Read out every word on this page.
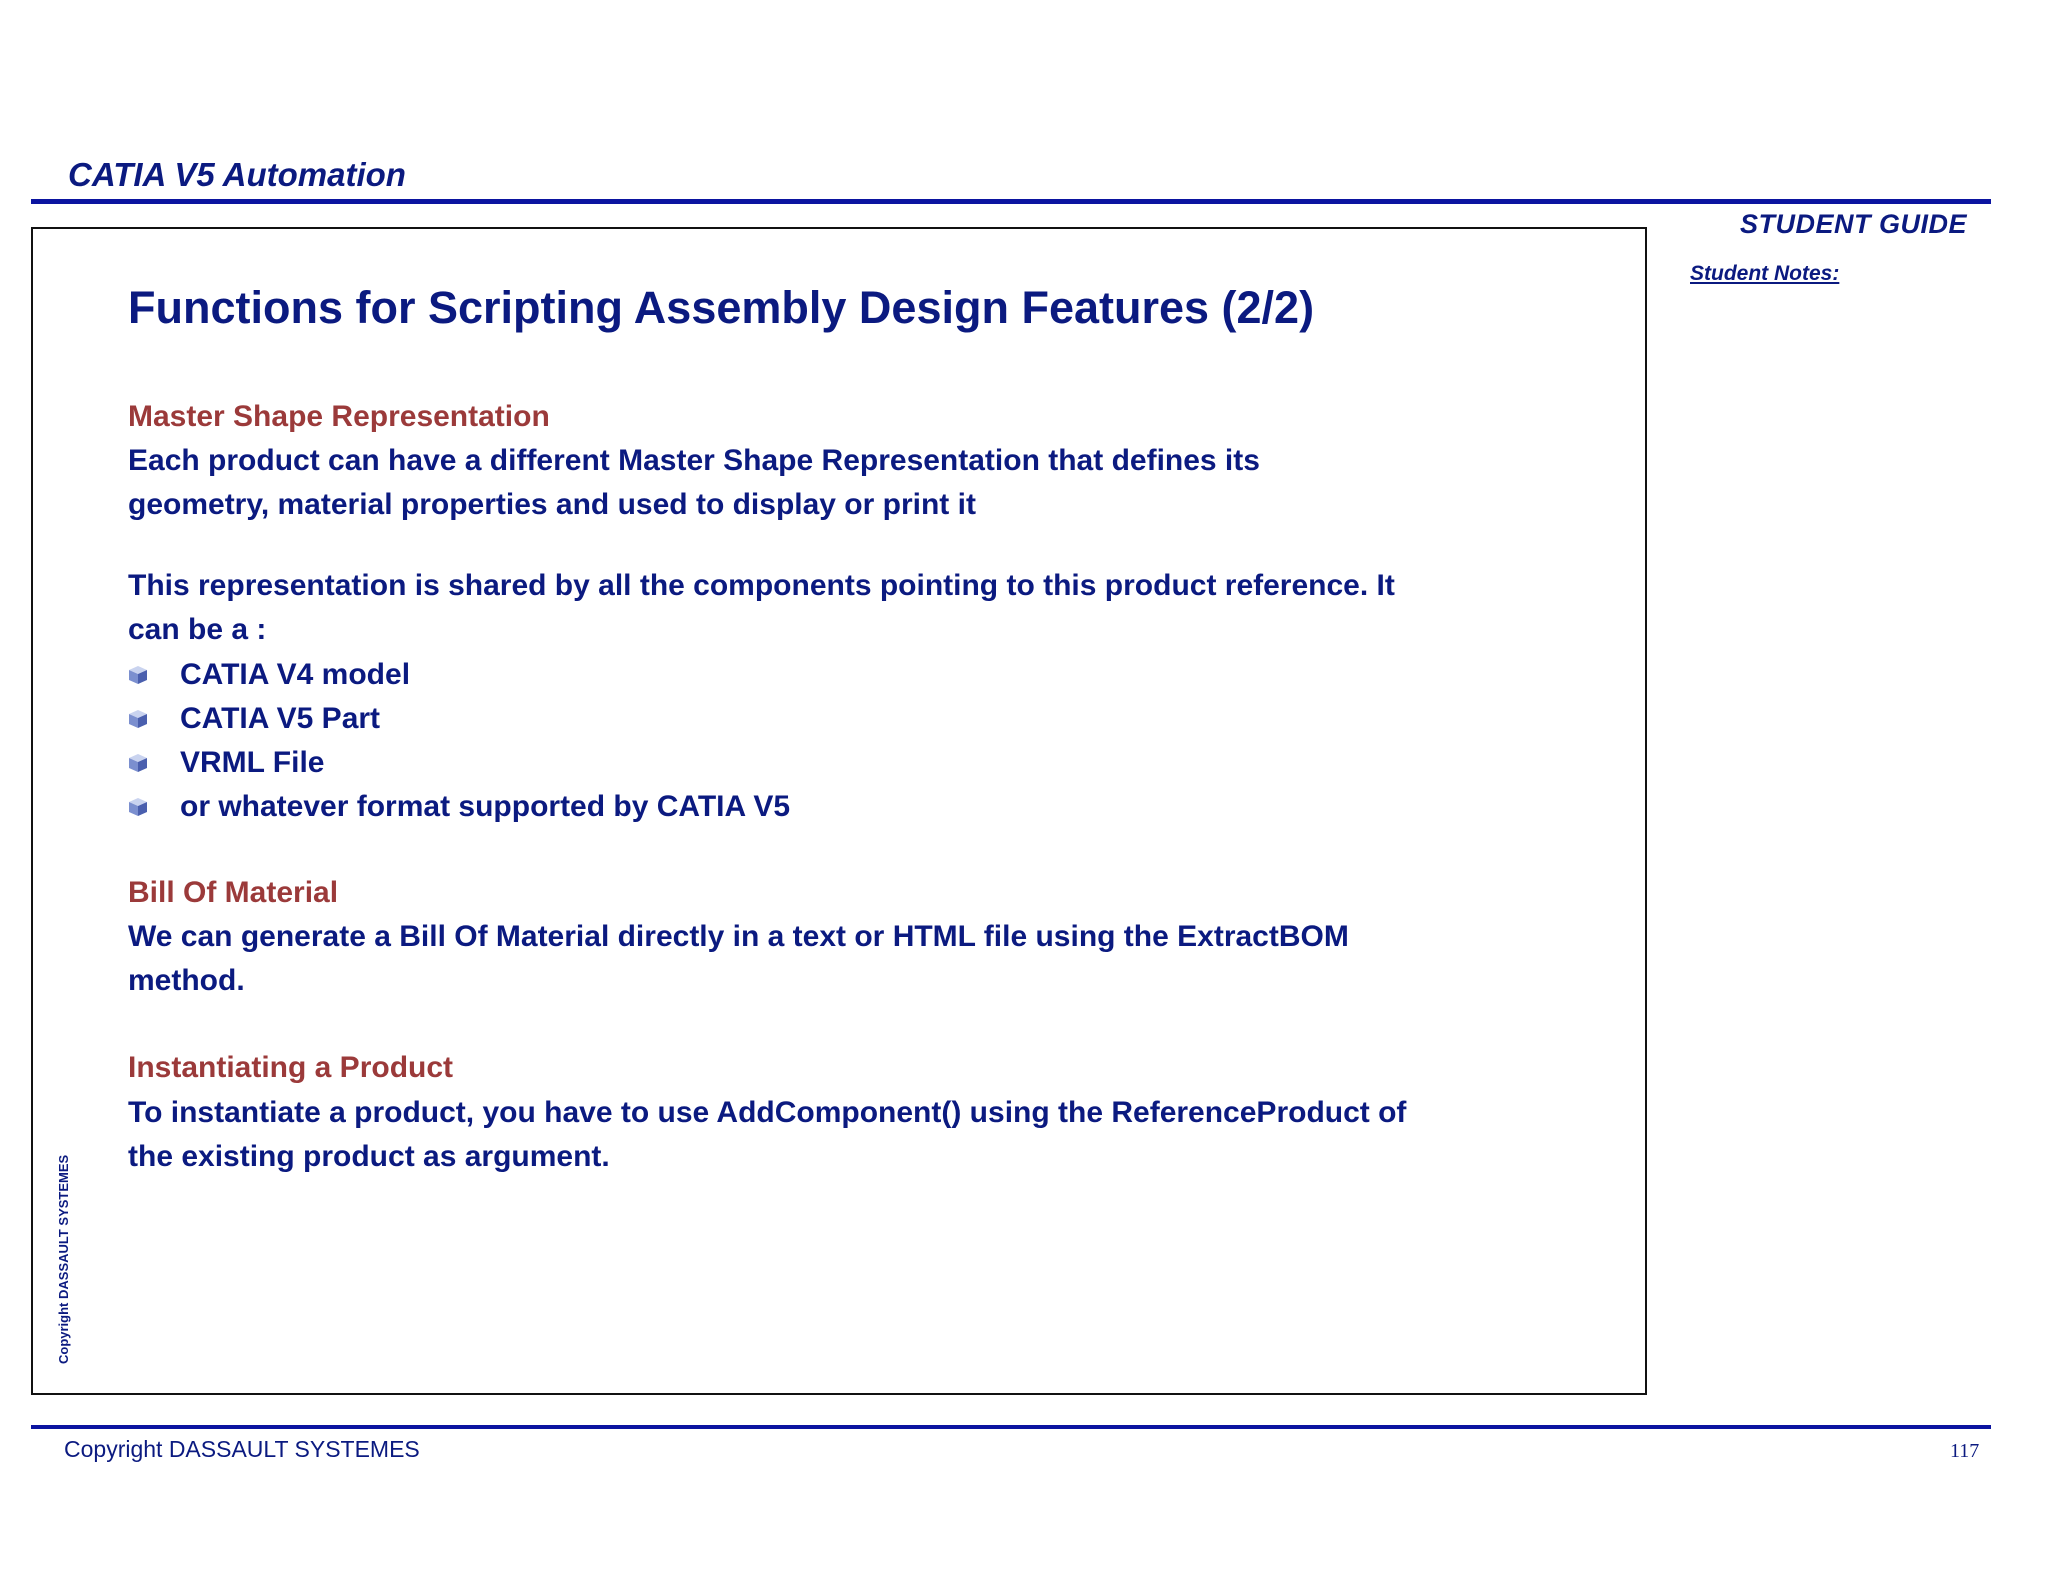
CATIA V5 Automation
STUDENT GUIDE
Student Notes:
Functions for Scripting Assembly Design Features (2/2)
Master Shape Representation
Each product can have a different Master Shape Representation that defines its
geometry, material properties and used to display or print it
This representation is shared by all the components pointing to this product reference. It
can be a :
CATIA V4 model
CATIA V5 Part
VRML File
or whatever format supported by CATIA V5
Bill Of Material
We can generate a Bill Of Material directly in a text or HTML file using the ExtractBOM
method.
Instantiating a Product
To instantiate a product, you have to use AddComponent() using the ReferenceProduct of
the existing product as argument.
Copyright DASSAULT SYSTEMES
Copyright DASSAULT SYSTEMES	117
